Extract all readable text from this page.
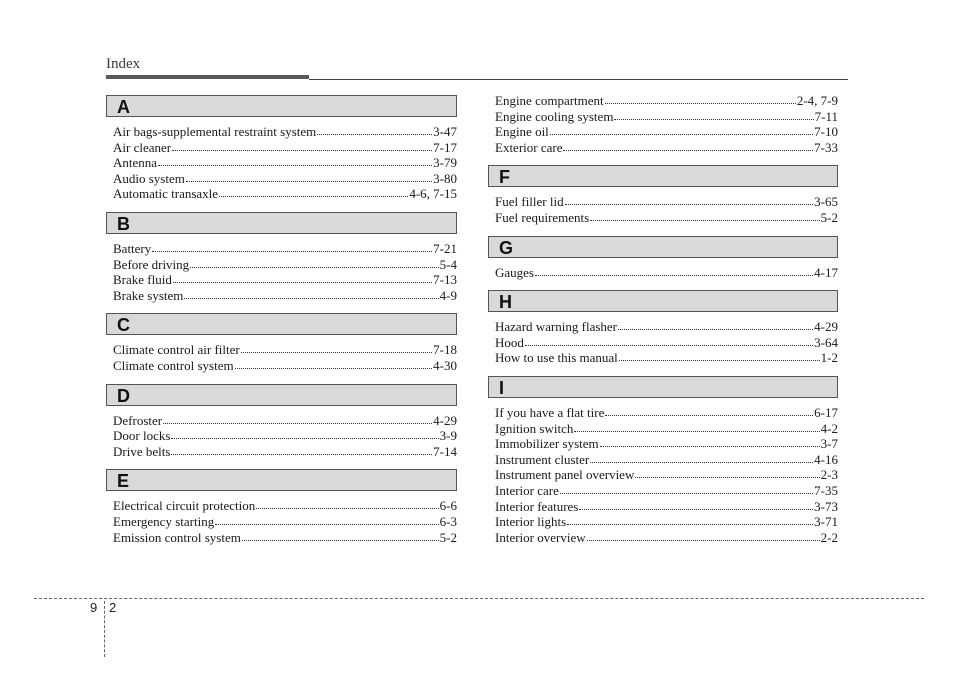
Index
A
Air bags-supplemental restraint system	3-47
Air cleaner	7-17
Antenna	3-79
Audio system	3-80
Automatic transaxle	4-6, 7-15
B
Battery	7-21
Before driving	5-4
Brake fluid	7-13
Brake system	4-9
C
Climate control air filter	7-18
Climate control system	4-30
D
Defroster	4-29
Door locks	3-9
Drive belts	7-14
E
Electrical circuit protection	6-6
Emergency starting	6-3
Emission control system	5-2
Engine compartment	2-4, 7-9
Engine cooling system	7-11
Engine oil	7-10
Exterior care	7-33
F
Fuel filler lid	3-65
Fuel requirements	5-2
G
Gauges	4-17
H
Hazard warning flasher	4-29
Hood	3-64
How to use this manual	1-2
I
If you have a flat tire	6-17
Ignition switch	4-2
Immobilizer system	3-7
Instrument cluster	4-16
Instrument panel overview	2-3
Interior care	7-35
Interior features	3-73
Interior lights	3-71
Interior overview	2-2
9 2
